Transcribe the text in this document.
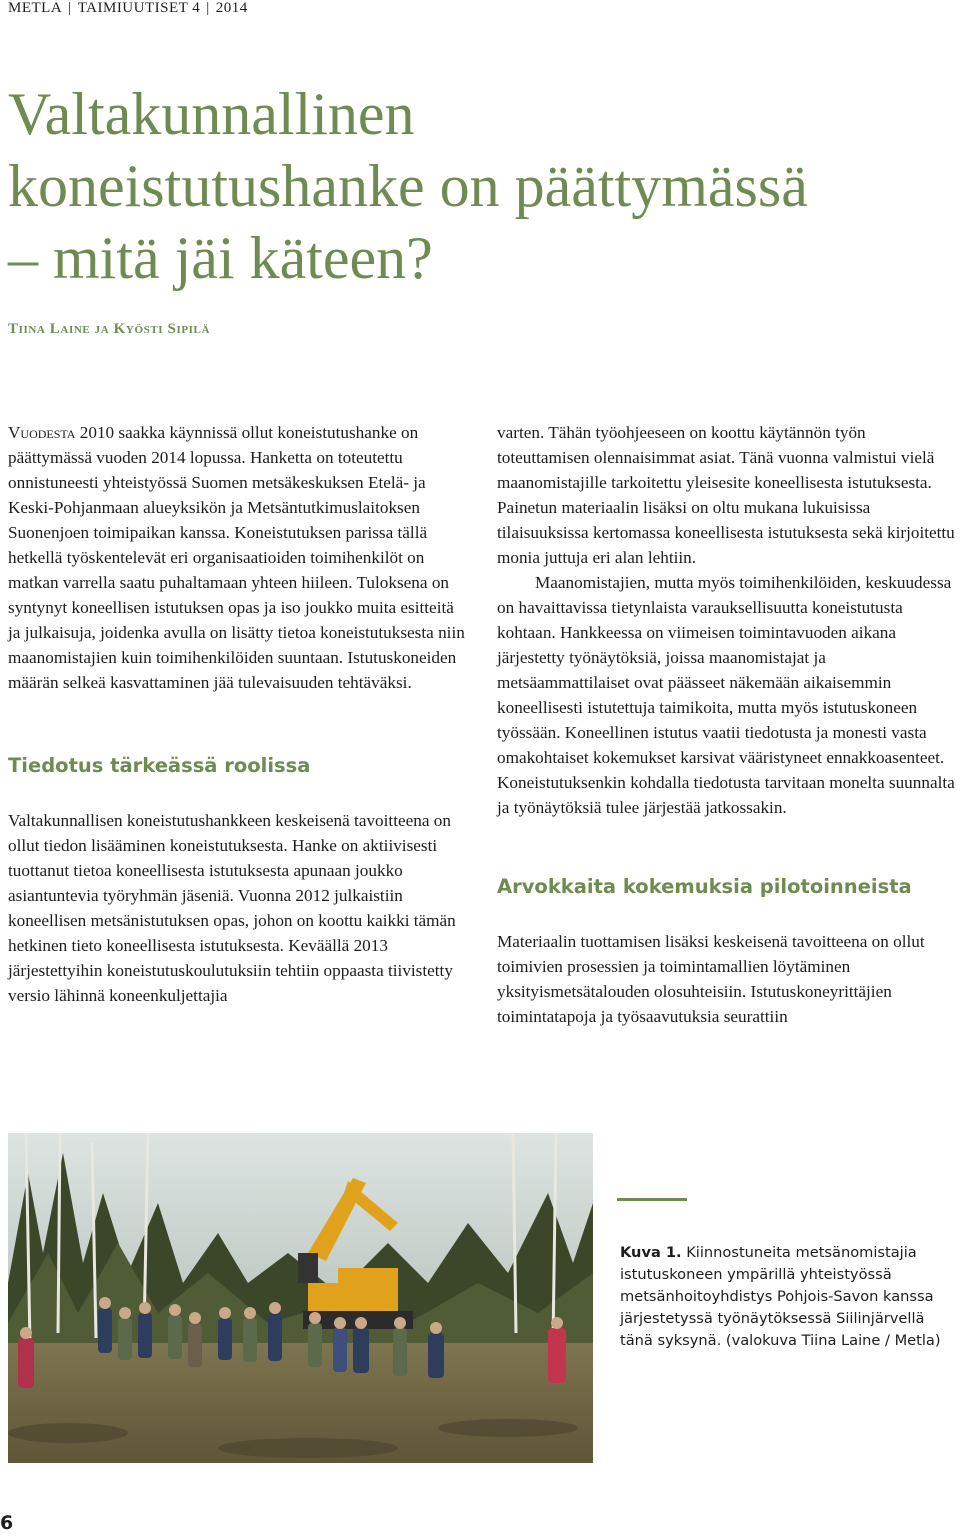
METLA | TAIMIUUTISET 4 | 2014
Valtakunnallinen
koneistutushanke on päättymässä
– mitä jäi käteen?
Tiina Laine ja Kyösti Sipilä

Vuodesta 2010 saakka käynnissä ollut koneistutushanke on päättymässä vuoden 2014 lopussa. Hanketta on toteutettu onnistuneesti yhteistyössä Suomen metsäkeskuksen Etelä- ja Keski-Pohjanmaan alueyksikön ja Metsäntutkimuslaitoksen Suonenjoen toimipaikan kanssa. Koneistutuksen parissa tällä hetkellä työskentelevät eri organisaatioiden toimihenkilöt on matkan varrella saatu puhaltamaan yhteen hiileen. Tuloksena on syntynyt koneellisen istutuksen opas ja iso joukko muita esitteitä ja julkaisuja, joidenka avulla on lisätty tietoa koneistutuksesta niin maanomistajien kuin toimihenkilöiden suuntaan. Istutuskoneiden määrän selkeä kasvattaminen jää tulevaisuuden tehtäväksi.

Tiedotus tärkeässä roolissa

Valtakunnallisen koneistutushankkeen keskeisenä tavoitteena on ollut tiedon lisääminen koneistutuksesta. Hanke on aktiivisesti tuottanut tietoa koneellisesta istutuksesta apunaan joukko asiantuntevia työryhmän jäseniä. Vuonna 2012 julkaistiin koneellisen metsänistutuksen opas, johon on koottu kaikki tämän hetkinen tieto koneellisesta istutuksesta. Keväällä 2013 järjestettyihin koneistutuskoulutuksiin tehtiin oppaasta tiivistetty versio lähinnä koneenkuljettajia

varten. Tähän työohjeeseen on koottu käytännön työn toteuttamisen olennaisimmat asiat. Tänä vuonna valmistui vielä maanomistajille tarkoitettu yleisesite koneellisesta istutuksesta. Painetun materiaalin lisäksi on oltu mukana lukuisissa tilaisuuksissa kertomassa koneellisesta istutuksesta sekä kirjoitettu monia juttuja eri alan lehtiin.

Maanomistajien, mutta myös toimihenkilöiden, keskuudessa on havaittavissa tietynlaista varauksellisuutta koneistutusta kohtaan. Hankkeessa on viimeisen toimintavuoden aikana järjestetty työnäytöksiä, joissa maanomistajat ja metsäammattilaiset ovat päässeet näkemään aikaisemmin koneellisesti istutettuja taimikoita, mutta myös istutuskoneen työssään. Koneellinen istutus vaatii tiedotusta ja monesti vasta omakohtaiset kokemukset karsivat vääristyneet ennakkoasenteet. Koneistutuksenkin kohdalla tiedotusta tarvitaan monelta suunnalta ja työnäytöksiä tulee järjestää jatkossakin.

Arvokkaita kokemuksia pilotoinneista

Materiaalin tuottamisen lisäksi keskeisenä tavoitteena on ollut toimivien prosessien ja toimintamallien löytäminen yksityismetsätalouden olosuhteisiin. Istutuskoneyrittäjien toimintatapoja ja työsaavutuksia seurattiin

Kuva 1. Kiinnostuneita metsänomistajia istutuskoneen ympärillä yhteistyössä metsänhoitoyhdistys Pohjois-Savon kanssa järjestetyssä työnäytöksessä Siilinjärvellä tänä syksynä. (valokuva Tiina Laine / Metla)
6
